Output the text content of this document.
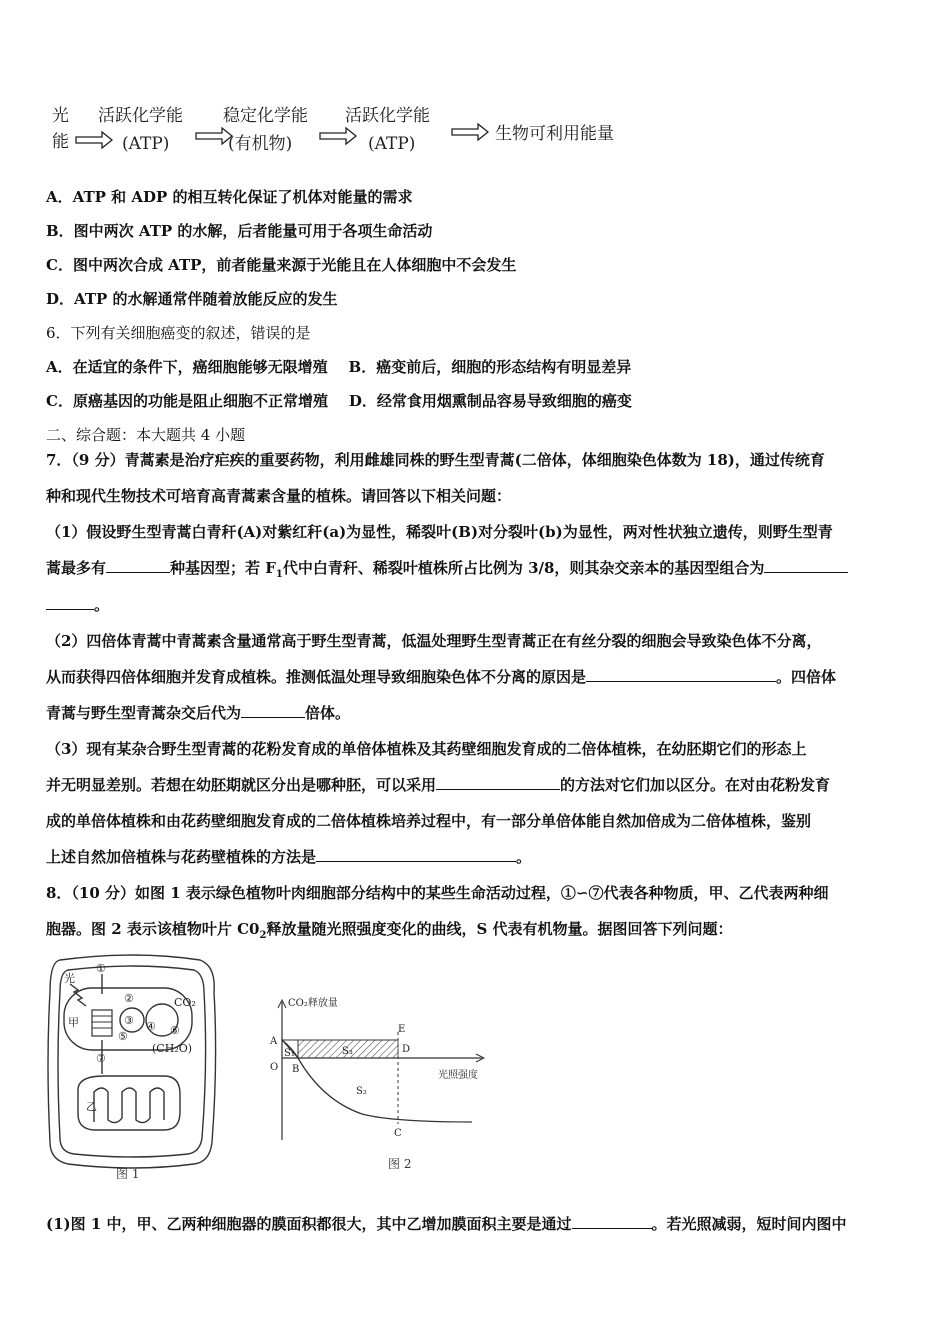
光
能
活跃化学能
(ATP)
稳定化学能
(有机物)
活跃化学能
(ATP)	生物可利用能量
A．ATP 和 ADP 的相互转化保证了机体对能量的需求
B．图中两次 ATP 的水解，后者能量可用于各项生命活动
C．图中两次合成 ATP，前者能量来源于光能且在人体细胞中不会发生
D．ATP 的水解通常伴随着放能反应的发生
6．下列有关细胞癌变的叙述，错误的是
A．在适宜的条件下，癌细胞能够无限增殖    B．癌变前后，细胞的形态结构有明显差异
C．原癌基因的功能是阻止细胞不正常增殖    D．经常食用烟熏制品容易导致细胞的癌变
二、综合题：本大题共 4 小题
7．（9 分）青蒿素是治疗疟疾的重要药物，利用雌雄同株的野生型青蒿(二倍体，体细胞染色体数为 18)，通过传统育
种和现代生物技术可培育高青蒿素含量的植株。请回答以下相关问题：
（1）假设野生型青蒿白青秆(A)对紫红秆(a)为显性，稀裂叶(B)对分裂叶(b)为显性，两对性状独立遗传，则野生型青
蒿最多有	种基因型；若 $F_1$代中白青秆、稀裂叶植株所占比例为 3/8，则其杂交亲本的基因型组合为
。
（2）四倍体青蒿中青蒿素含量通常高于野生型青蒿，低温处理野生型青蒿正在有丝分裂的细胞会导致染色体不分离，
从而获得四倍体细胞并发育成植株。推测低温处理导致细胞染色体不分离的原因是	。四倍体
青蒿与野生型青蒿杂交后代为	倍体。
（3）现有某杂合野生型青蒿的花粉发育成的单倍体植株及其药壁细胞发育成的二倍体植株，在幼胚期它们的形态上
并无明显差别。若想在幼胚期就区分出是哪种胚，可以采用	的方法对它们加以区分。在对由花粉发育
成的单倍体植株和由花药壁细胞发育成的二倍体植株培养过程中，有一部分单倍体能自然加倍成为二倍体植株，鉴别
上述自然加倍植株与花药壁植株的方法是	。
8．（10 分）如图 1 表示绿色植物叶肉细胞部分结构中的某些生命活动过程，①∽⑦代表各种物质，甲、乙代表两种细
胞器。图 2 表示该植物叶片 $C0_2$释放量随光照强度变化的曲线，S 代表有机物量。据图回答下列问题：
光
甲
乙
CO₂
(CH₂O)
①
②
③ ④
⑤	⑥
⑦
图 1
CO₂释放量
光照强度
A
B
C
D
E
O
S₁
S₂
S₃
图 2
(1)图 1 中，甲、乙两种细胞器的膜面积都很大，其中乙增加膜面积主要是通过	。若光照减弱，短时间内图中
